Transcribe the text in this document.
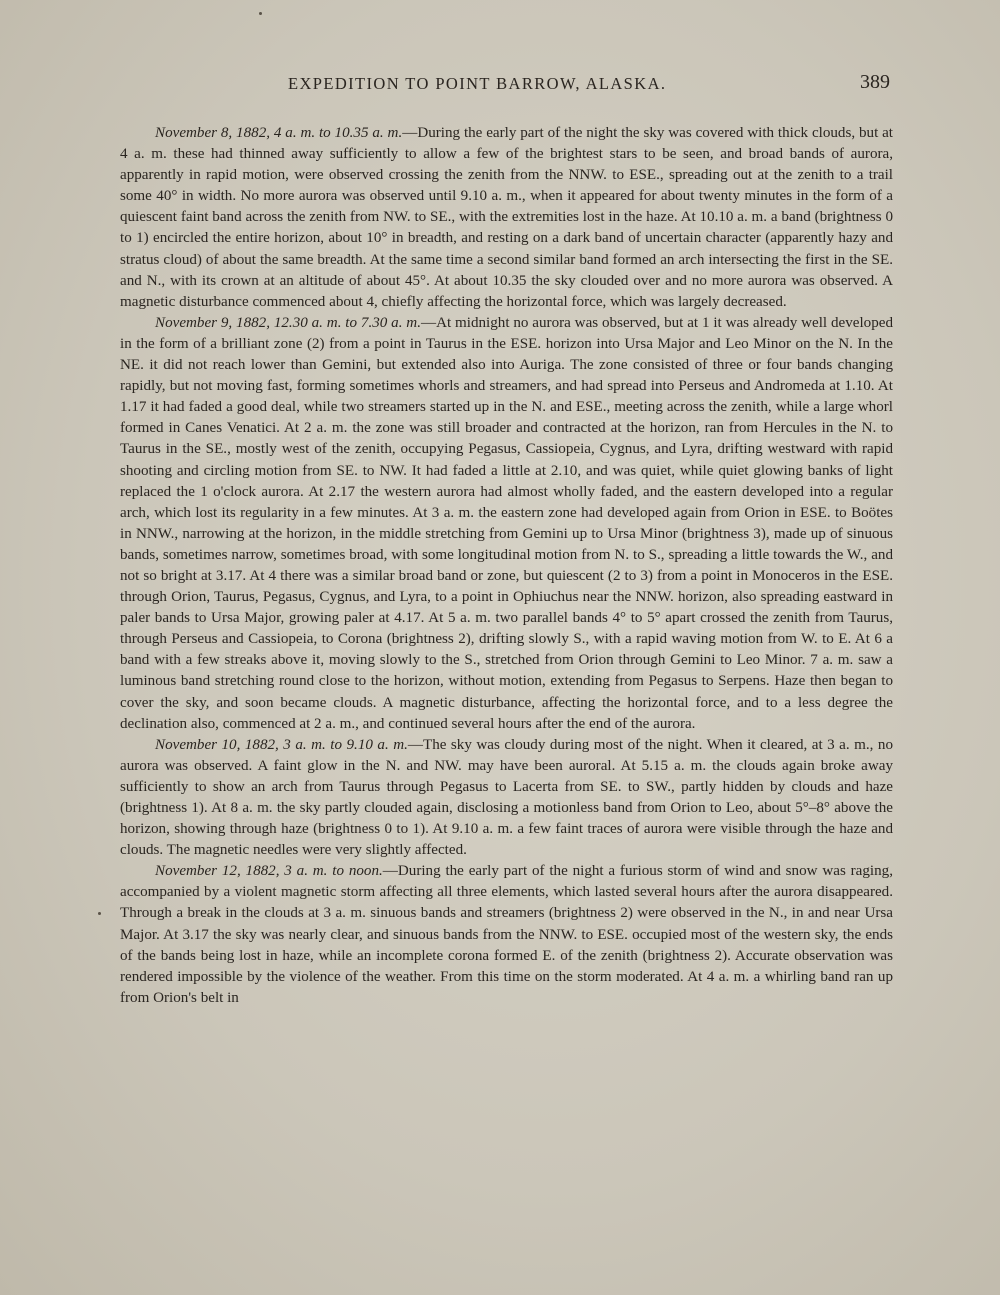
EXPEDITION TO POINT BARROW, ALASKA.	389

November 8, 1882, 4 a. m. to 10.35 a. m.—During the early part of the night the sky was covered with thick clouds, but at 4 a. m. these had thinned away sufficiently to allow a few of the brightest stars to be seen, and broad bands of aurora, apparently in rapid motion, were observed crossing the zenith from the NNW. to ESE., spreading out at the zenith to a trail some 40° in width. No more aurora was observed until 9.10 a. m., when it appeared for about twenty minutes in the form of a quiescent faint band across the zenith from NW. to SE., with the extremities lost in the haze. At 10.10 a. m. a band (brightness 0 to 1) encircled the entire horizon, about 10° in breadth, and resting on a dark band of uncertain character (apparently hazy and stratus cloud) of about the same breadth. At the same time a second similar band formed an arch intersecting the first in the SE. and N., with its crown at an altitude of about 45°. At about 10.35 the sky clouded over and no more aurora was observed. A magnetic disturbance commenced about 4, chiefly affecting the horizontal force, which was largely decreased.

November 9, 1882, 12.30 a. m. to 7.30 a. m.—At midnight no aurora was observed, but at 1 it was already well developed in the form of a brilliant zone (2) from a point in Taurus in the ESE. horizon into Ursa Major and Leo Minor on the N. In the NE. it did not reach lower than Gemini, but extended also into Auriga. The zone consisted of three or four bands changing rapidly, but not moving fast, forming sometimes whorls and streamers, and had spread into Perseus and Andromeda at 1.10. At 1.17 it had faded a good deal, while two streamers started up in the N. and ESE., meeting across the zenith, while a large whorl formed in Canes Venatici. At 2 a. m. the zone was still broader and contracted at the horizon, ran from Hercules in the N. to Taurus in the SE., mostly west of the zenith, occupying Pegasus, Cassiopeia, Cygnus, and Lyra, drifting westward with rapid shooting and circling motion from SE. to NW. It had faded a little at 2.10, and was quiet, while quiet glowing banks of light replaced the 1 o'clock aurora. At 2.17 the western aurora had almost wholly faded, and the eastern developed into a regular arch, which lost its regularity in a few minutes. At 3 a. m. the eastern zone had developed again from Orion in ESE. to Boötes in NNW., narrowing at the horizon, in the middle stretching from Gemini up to Ursa Minor (brightness 3), made up of sinuous bands, sometimes narrow, sometimes broad, with some longitudinal motion from N. to S., spreading a little towards the W., and not so bright at 3.17. At 4 there was a similar broad band or zone, but quiescent (2 to 3) from a point in Monoceros in the ESE. through Orion, Taurus, Pegasus, Cygnus, and Lyra, to a point in Ophiuchus near the NNW. horizon, also spreading eastward in paler bands to Ursa Major, growing paler at 4.17. At 5 a. m. two parallel bands 4° to 5° apart crossed the zenith from Taurus, through Perseus and Cassiopeia, to Corona (brightness 2), drifting slowly S., with a rapid waving motion from W. to E. At 6 a band with a few streaks above it, moving slowly to the S., stretched from Orion through Gemini to Leo Minor. 7 a. m. saw a luminous band stretching round close to the horizon, without motion, extending from Pegasus to Serpens. Haze then began to cover the sky, and soon became clouds. A magnetic disturbance, affecting the horizontal force, and to a less degree the declination also, commenced at 2 a. m., and continued several hours after the end of the aurora.

November 10, 1882, 3 a. m. to 9.10 a. m.—The sky was cloudy during most of the night. When it cleared, at 3 a. m., no aurora was observed. A faint glow in the N. and NW. may have been auroral. At 5.15 a. m. the clouds again broke away sufficiently to show an arch from Taurus through Pegasus to Lacerta from SE. to SW., partly hidden by clouds and haze (brightness 1). At 8 a. m. the sky partly clouded again, disclosing a motionless band from Orion to Leo, about 5°–8° above the horizon, showing through haze (brightness 0 to 1). At 9.10 a. m. a few faint traces of aurora were visible through the haze and clouds. The magnetic needles were very slightly affected.

November 12, 1882, 3 a. m. to noon.—During the early part of the night a furious storm of wind and snow was raging, accompanied by a violent magnetic storm affecting all three elements, which lasted several hours after the aurora disappeared. Through a break in the clouds at 3 a. m. sinuous bands and streamers (brightness 2) were observed in the N., in and near Ursa Major. At 3.17 the sky was nearly clear, and sinuous bands from the NNW. to ESE. occupied most of the western sky, the ends of the bands being lost in haze, while an incomplete corona formed E. of the zenith (brightness 2). Accurate observation was rendered impossible by the violence of the weather. From this time on the storm moderated. At 4 a. m. a whirling band ran up from Orion's belt in
